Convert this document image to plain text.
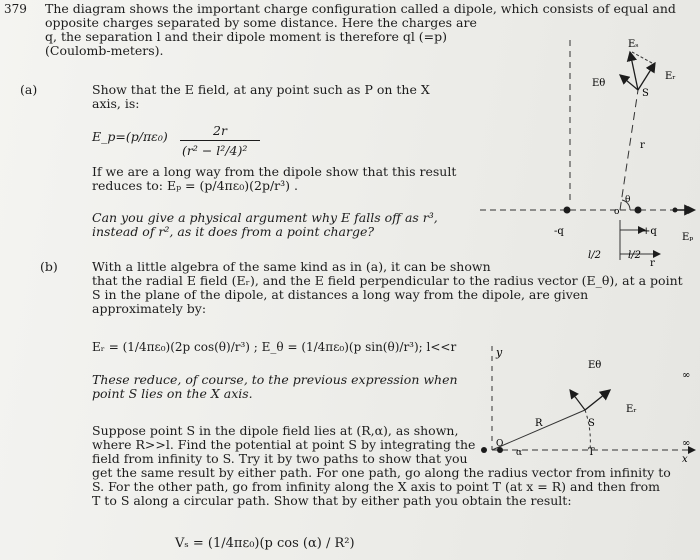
379 The diagram shows the important charge configuration called a dipole, which consists of equal and
opposite charges separated by some distance. Here the charges are
q, the separation l and their dipole moment is therefore ql (=p)
(Coulomb-meters).
(a)	Show that the E field, at any point such as P on the X
axis, is:
E_p=(p/πε₀)	2r
(r² − l²/4)²
If we are a long way from the dipole show that this result
reduces to: Eₚ = (p/4πε₀)(2p/r³) .
Can you give a physical argument why E falls off as r³,
instead of r², as it does from a point charge?
(b)	With a little algebra of the same kind as in (a), it can be shown
that the radial E field (Eᵣ), and the E field perpendicular to the radius vector (E_θ), at a point
S in the plane of the dipole, at distances a long way from the dipole, are given
approximately by:
Eᵣ = (1/4πε₀)(2p cos(θ)/r³) ; E_θ = (1/4πε₀)(p sin(θ)/r³); l<<r
These reduce, of course, to the previous expression when
point S lies on the X axis.
Suppose point S in the dipole field lies at (R,α), as shown,
where R>>l. Find the potential at point S by integrating the
field from infinity to S. Try it by two paths to show that you
get the same result by either path. For one path, go along the radius vector from infinity to
S. For the other path, go from infinity along the X axis to point T (at x = R) and then from
T to S along a circular path. Show that by either path you obtain the result:
Vₛ = (1/4πε₀)(p cos (α) / R²)
Eₛ
Eθ
Eᵣ
S
r
θ
-q
o
+q
Eₚ
l/2	l/2
r
y
Eθ
∞
S
Eᵣ
R
O
α	T
∞
x
